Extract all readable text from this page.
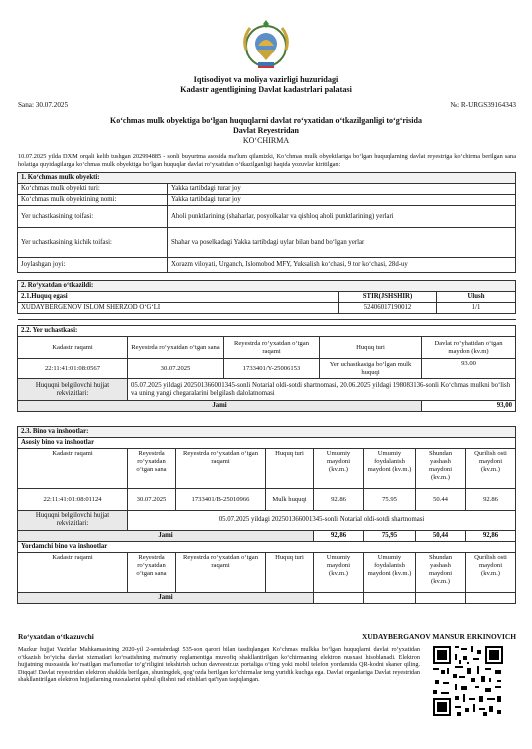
Iqtisodiyot va moliya vazirligi huzuridagi
Kadastr agentligining Davlat kadastrlari palatasi
Sana: 30.07.2025	№: R-URGS39164343
Ko‘chmas mulk obyektiga bo‘lgan huquqlarni davlat ro‘yxatidan o‘tkazilganligi to‘g‘risida
Davlat Reyestridan
KO‘CHIRMA
10.07.2025 yilda DXM orqali kelib tushgan 202994885 - sonli buyurtma asosida ma'lum qilamizki, Ko‘chmas mulk obyektlariga bo‘lgan huquqlarning davlat reyestriga ko‘chirma berilgan sana holatiga quyidagilarga ko‘chmas mulk obyektiga bo‘lgan huquqlar davlat ro‘yxatidan o‘tkazilganligi haqida yozuvlar kiritilgan:
1. Ko‘chmas mulk obyekti:	
Ko‘chmas mulk obyekti turi:	Yakka tartibdagi turar joy
Ko‘chmas mulk obyektining nomi:	Yakka tartibdagi turar joy
Yer uchastkasining toifasi:	Aholi punktlarining (shaharlar, posyolkalar va qishloq aholi punktlarining) yerlari
Yer uchastkasining kichik toifasi:	Shahar va poselkadagi Yakka tartibdagi uylar bilan band bo‘lgan yerlar
Joylashgan joyi:	Xorazm viloyati, Urganch, Islomobod MFY, Yuksalish ko‘chasi, 9 tor ko‘chasi, 28d-uy
2. Ro‘yxatdan o‘tkazildi:		
2.1.Huquq egasi	STIR(JSHSHIR)	Ulush
XUDAYBERGENOV ISLOM SHERZOD O‘G‘LI	52406017190012	1/1

2.2. Yer uchastkasi:				
Kadastr raqami	Reyestrda ro‘yxatdan o‘tgan sana	Reyestrda ro‘yxatdan o‘tgan raqami	Huquq turi	Davlat ro‘yhatidan o‘tgan maydon (kv.m)
22:11:41:01:08:0567	30.07.2025	1733401/Y-25006153	Yer uchastkasiga bo‘lgan mulk huquqi	93.00
Huquqni belgilovchi hujjat rekvizitlari:	05.07.2025 yildagi 202501366001345-sonli Notarial oldi-sotdi shartnomasi, 20.06.2025 yildagi 198083136-sonli Ko‘chmas mulkni bo‘lish va uning yangi chegaralarini belgilash dalolatnomasi			
Jami				93,00
2.3. Bino va inshootlar:							
Asosiy bino va inshootlar							
Kadastr raqami	Reyestrda ro‘yxatdan o‘tgan sana	Reyestrda ro‘yxatdan o‘tgan raqami	Huquq turi	Umumiy maydoni (kv.m.)	Umumiy foydalanish maydoni (kv.m.)	Shundan yashash maydoni (kv.m.)	Qurilish osti maydoni (kv.m.)
22:11:41:01:08:01124	30.07.2025	1733401/B-25010966	Mulk huquqi	92.86	75.95	50.44	92.86
Huquqni belgilovchi hujjat rekvizitlari:	05.07.2025 yildagi 202501366001345-sonli Notarial oldi-sotdi shartnomasi						
Jami				92,86	75,95	50,44	92,86
Yordamchi bino va inshootlar							
Kadastr raqami	Reyestrda ro‘yxatdan o‘tgan sana	Reyestrda ro‘yxatdan o‘tgan raqami	Huquq turi	Umumiy maydoni (kv.m.)	Umumiy foydalanish maydoni (kv.m.)	Shundan yashash maydoni (kv.m.)	Qurilish osti maydoni (kv.m.)
Jami							
Ro‘yxatdan o‘tkazuvchi	XUDAYBERGANOV MANSUR ERKINOVICH
Mazkur hujjat Vazirlar Mahkamasining 2020-yil 2-sentabrdagi 535-son qarori bilan tasdiqlangan Ko‘chmas mulkka bo‘lgan huquqlarni davlat ro‘yxatidan o‘tkazish bo‘yicha davlat xizmatlari ko‘rsatishning ma'muriy reglamentiga muvofiq shakllantirilgan ko‘chirmaning elektron nusxasi hisoblanadi. Elektron hujjatning nusxasida ko‘rsatilgan ma'lumotlar to‘g‘riligini tekshirish uchun davreestr.uz portaliga o‘ting yoki mobil telefon yordamida QR-kodni skaner qiling. Diqqat! Davlat reyestridan elektron shaklda berilgan, shuningdek, qog‘ozda berilgan ko‘chirmalar teng yuridik kuchga ega. Davlat organlariga Davlat reyestridan shakllantirilgan elektron hujjatlarning nusxalarini qabul qilishni rad etishlari qat'iyan taqiqlangan.
